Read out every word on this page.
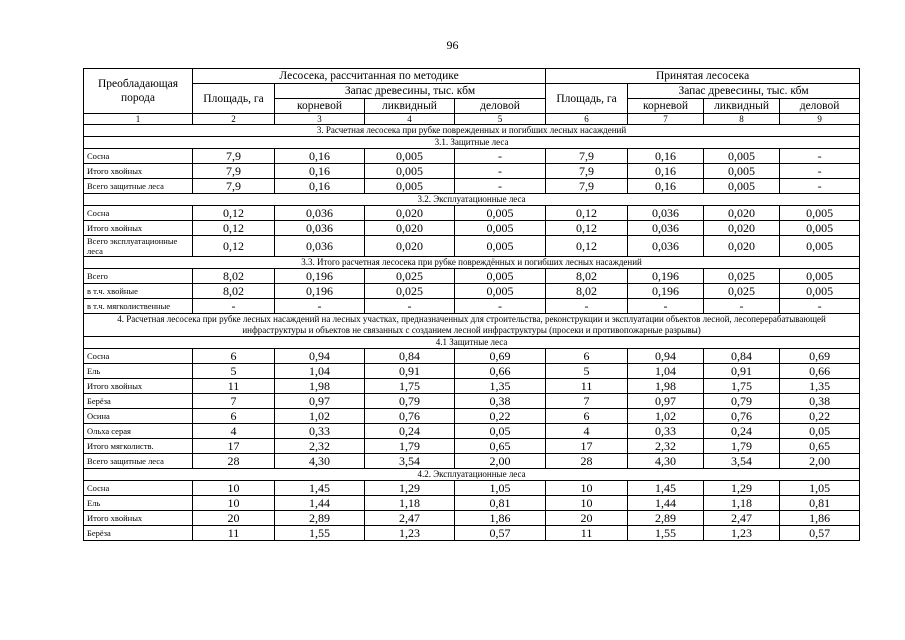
96
Преобладающая порода	Лесосека, рассчитанная по методике				Принятая лесосека			
	Площадь, га	Запас древесины, тыс. кбм			Площадь, га	Запас древесины, тыс. кбм		
		корневой	ликвидный	деловой		корневой	ликвидный	деловой
1	2	3	4	5	6	7	8	9
3. Расчетная лесосека при рубке поврежденных и погибших лесных насаждений								
3.1. Защитные леса								
Сосна	7,9	0,16	0,005	-	7,9	0,16	0,005	-
Итого хвойных	7,9	0,16	0,005	-	7,9	0,16	0,005	-
Всего защитные леса	7,9	0,16	0,005	-	7,9	0,16	0,005	-
3.2. Эксплуатационные леса								
Сосна	0,12	0,036	0,020	0,005	0,12	0,036	0,020	0,005
Итого хвойных	0,12	0,036	0,020	0,005	0,12	0,036	0,020	0,005
Всего эксплуатационные леса	0,12	0,036	0,020	0,005	0,12	0,036	0,020	0,005
3.3. Итого расчетная лесосека при рубке повреждённых и погибших лесных насаждений								
Всего	8,02	0,196	0,025	0,005	8,02	0,196	0,025	0,005
в т.ч. хвойные	8,02	0,196	0,025	0,005	8,02	0,196	0,025	0,005
в т.ч. мягколиственные	-	-	-	-	-	-	-	-
4. Расчетная лесосека при рубке лесных насаждений на лесных участках, предназначенных для строительства, реконструкции и эксплуатации объектов лесной, лесоперерабатывающей инфраструктуры и объектов не связанных с созданием лесной инфраструктуры (просеки и противопожарные разрывы)								
4.1 Защитные леса								
Сосна	6	0,94	0,84	0,69	6	0,94	0,84	0,69
Ель	5	1,04	0,91	0,66	5	1,04	0,91	0,66
Итого хвойных	11	1,98	1,75	1,35	11	1,98	1,75	1,35
Берёза	7	0,97	0,79	0,38	7	0,97	0,79	0,38
Осина	6	1,02	0,76	0,22	6	1,02	0,76	0,22
Ольха серая	4	0,33	0,24	0,05	4	0,33	0,24	0,05
Итого мягколиств.	17	2,32	1,79	0,65	17	2,32	1,79	0,65
Всего защитные леса	28	4,30	3,54	2,00	28	4,30	3,54	2,00
4.2. Эксплуатационные леса								
Сосна	10	1,45	1,29	1,05	10	1,45	1,29	1,05
Ель	10	1,44	1,18	0,81	10	1,44	1,18	0,81
Итого хвойных	20	2,89	2,47	1,86	20	2,89	2,47	1,86
Берёза	11	1,55	1,23	0,57	11	1,55	1,23	0,57
